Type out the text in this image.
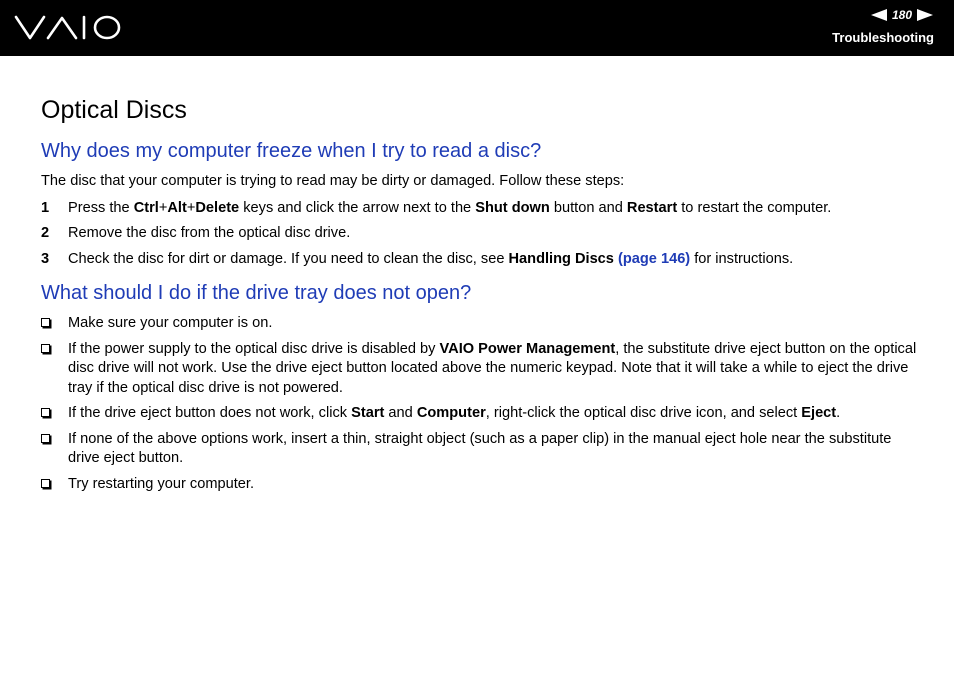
180
Troubleshooting
Optical Discs
Why does my computer freeze when I try to read a disc?

The disc that your computer is trying to read may be dirty or damaged. Follow these steps:

1 Press the Ctrl+Alt+Delete keys and click the arrow next to the Shut down button and Restart to restart the computer.
2 Remove the disc from the optical disc drive.
3 Check the disc for dirt or damage. If you need to clean the disc, see Handling Discs (page 146) for instructions.
What should I do if the drive tray does not open?
Make sure your computer is on.
If the power supply to the optical disc drive is disabled by VAIO Power Management, the substitute drive eject button on the optical disc drive will not work. Use the drive eject button located above the numeric keypad. Note that it will take a while to eject the drive tray if the optical disc drive is not powered.
If the drive eject button does not work, click Start and Computer, right-click the optical disc drive icon, and select Eject.
If none of the above options work, insert a thin, straight object (such as a paper clip) in the manual eject hole near the substitute drive eject button.
Try restarting your computer.
